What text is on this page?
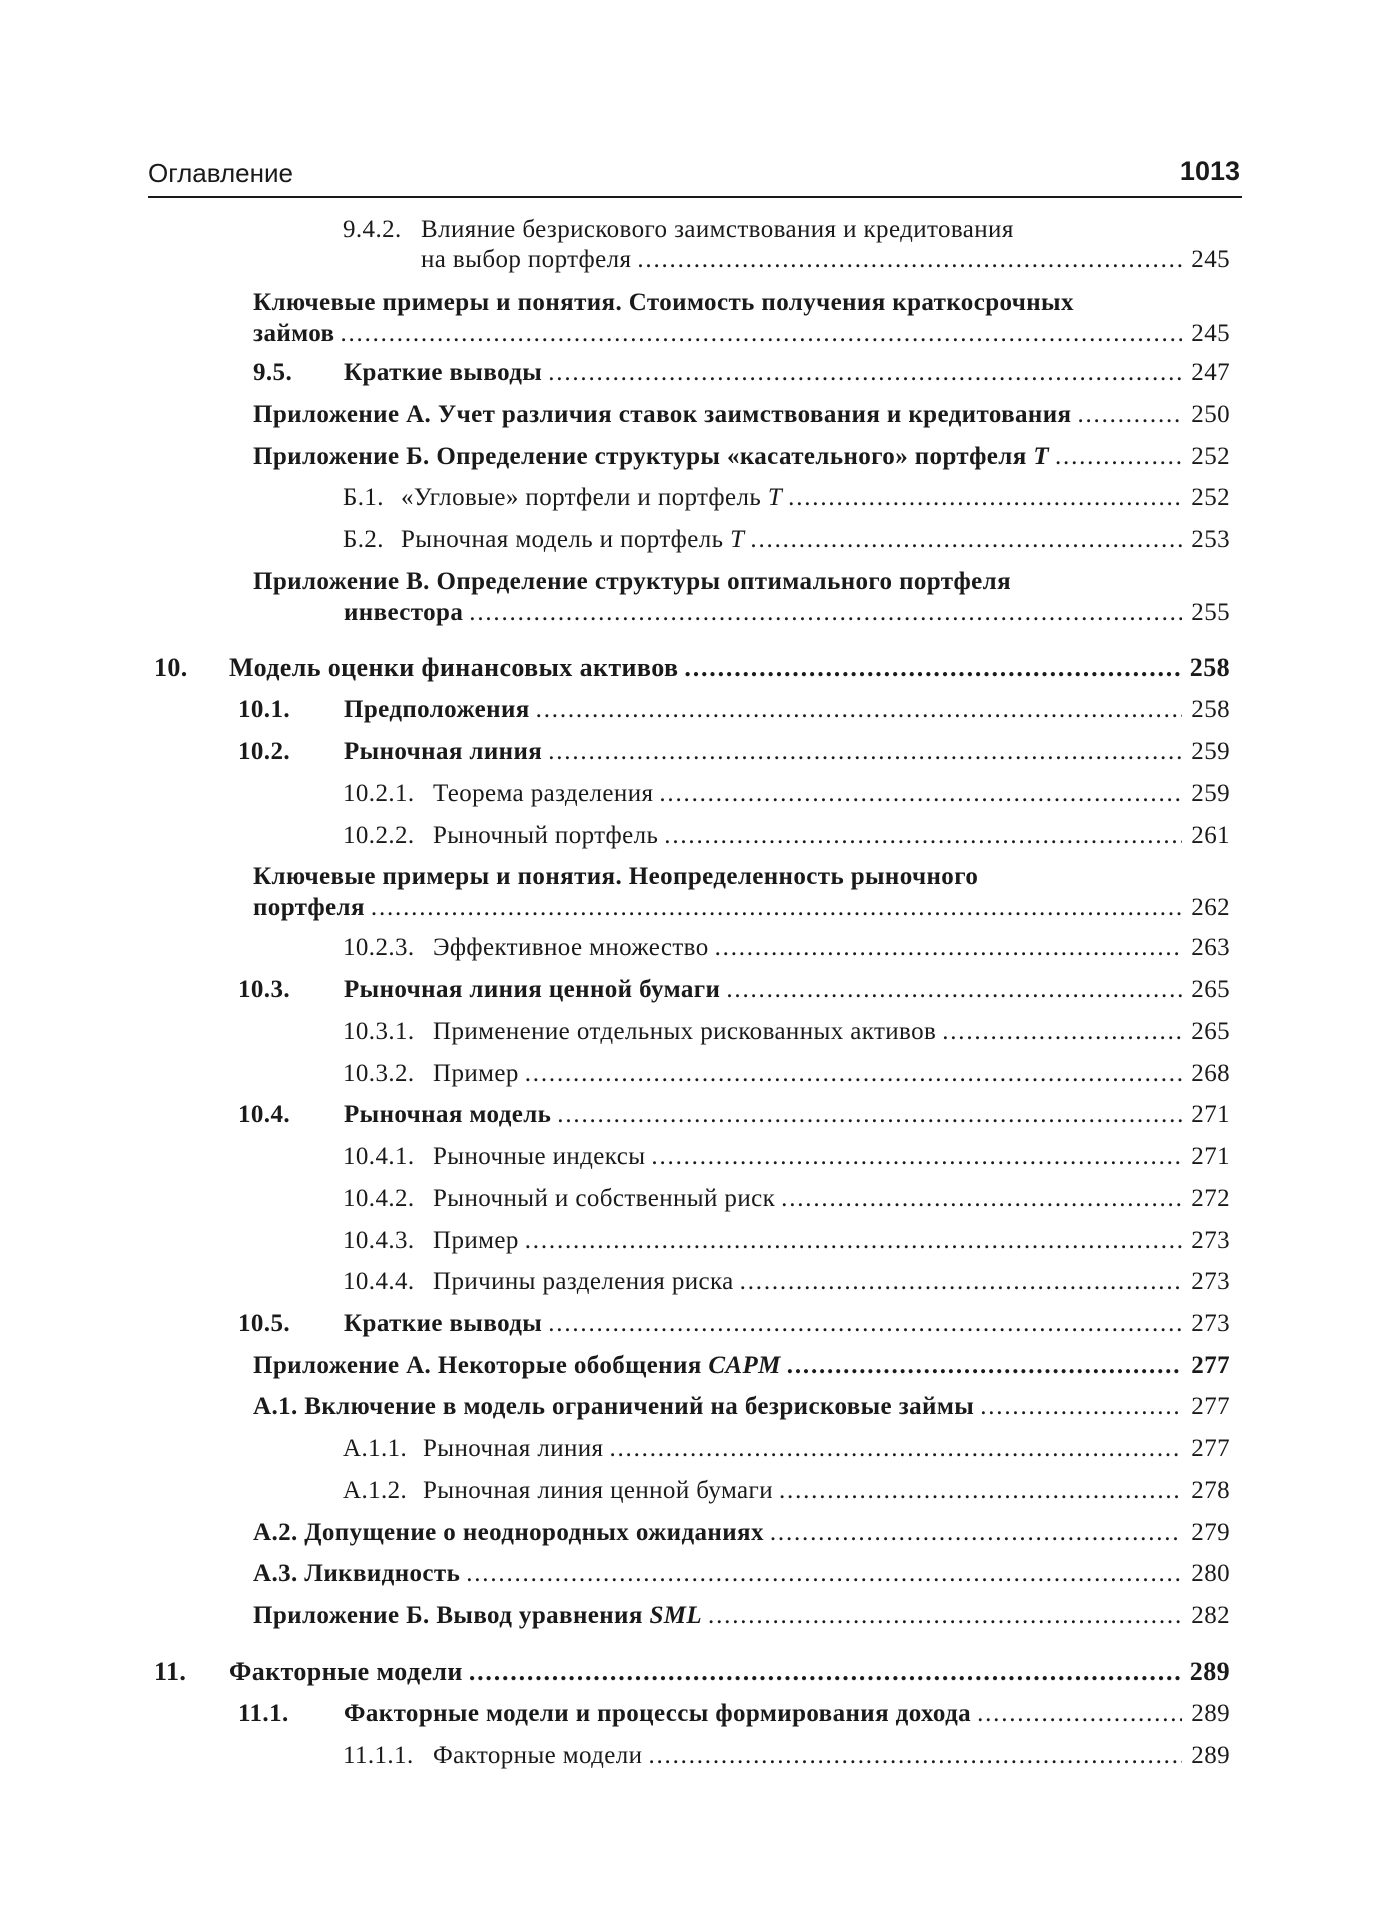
Оглавление	1013
9.4.2. Влияние безрискового заимствования и кредитования
на выбор портфеля .....	245
Ключевые примеры и понятия. Стоимость получения краткосрочных
займов .....	245
9.5. Краткие выводы .....	247
Приложение А. Учет различия ставок заимствования и кредитования .....	250
Приложение Б. Определение структуры «касательного» портфеля T .....	252
Б.1. «Угловые» портфели и портфель T .....	252
Б.2. Рыночная модель и портфель T .....	253
Приложение В. Определение структуры оптимального портфеля
инвестора .....	255
10. Модель оценки финансовых активов .....	258
10.1. Предположения .....	258
10.2. Рыночная линия .....	259
10.2.1. Теорема разделения .....	259
10.2.2. Рыночный портфель .....	261
Ключевые примеры и понятия. Неопределенность рыночного
портфеля .....	262
10.2.3. Эффективное множество .....	263
10.3. Рыночная линия ценной бумаги .....	265
10.3.1. Применение отдельных рискованных активов .....	265
10.3.2. Пример .....	268
10.4. Рыночная модель .....	271
10.4.1. Рыночные индексы .....	271
10.4.2. Рыночный и собственный риск .....	272
10.4.3. Пример .....	273
10.4.4. Причины разделения риска .....	273
10.5. Краткие выводы .....	273
Приложение А. Некоторые обобщения CAPM .....	277
А.1. Включение в модель ограничений на безрисковые займы .....	277
А.1.1. Рыночная линия .....	277
А.1.2. Рыночная линия ценной бумаги .....	278
А.2. Допущение о неоднородных ожиданиях .....	279
А.3. Ликвидность .....	280
Приложение Б. Вывод уравнения SML .....	282
11. Факторные модели .....	289
11.1. Факторные модели и процессы формирования дохода .....	289
11.1.1. Факторные модели .....	289
